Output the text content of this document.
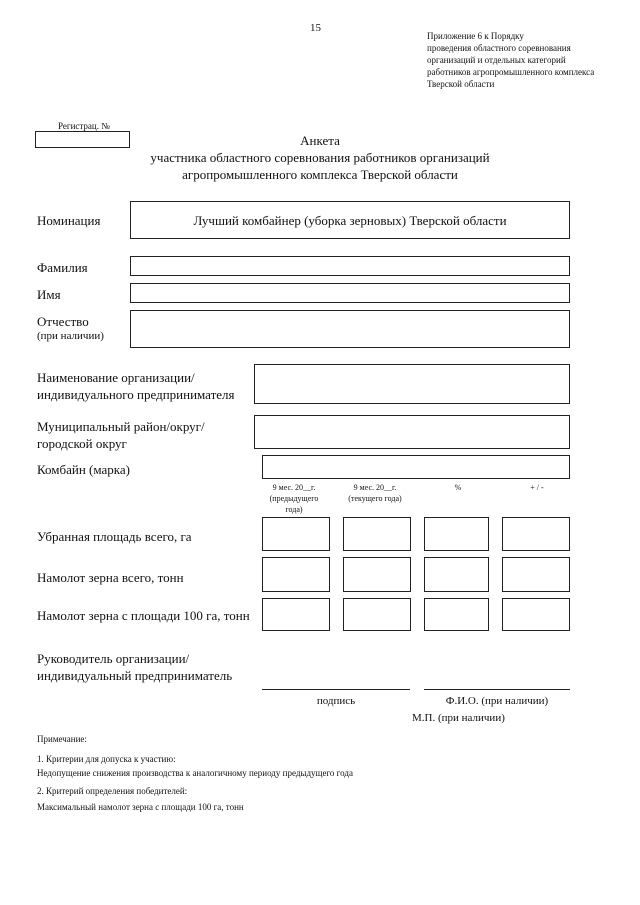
15
Приложение 6 к Порядку
проведения областного соревнования
организаций и отдельных категорий
работников агропромышленного комплекса
Тверской области
Регистрац. №
Анкета
участника областного соревнования работников организаций
агропромышленного комплекса Тверской области
Номинация	Лучший комбайнер (уборка зерновых) Тверской области
Фамилия
Имя
Отчество
(при наличии)
Наименование организации/
индивидуального предпринимателя
Муниципальный район/округ/
городской округ
Комбайн (марка)
9 мес. 20__г.
(предыдущего
года)
9 мес. 20__г.
(текущего года)
%	+ / -
Убранная площадь всего, га
Намолот зерна всего, тонн
Намолот зерна с площади 100 га, тонн
Руководитель организации/
индивидуальный предприниматель
подпись	Ф.И.О. (при наличии)
М.П. (при наличии)
Примечание:
1. Критерии для допуска к участию:
Недопущение снижения производства к аналогичному периоду предыдущего года
2. Критерий определения победителей:
Максимальный намолот зерна с площади 100 га, тонн
